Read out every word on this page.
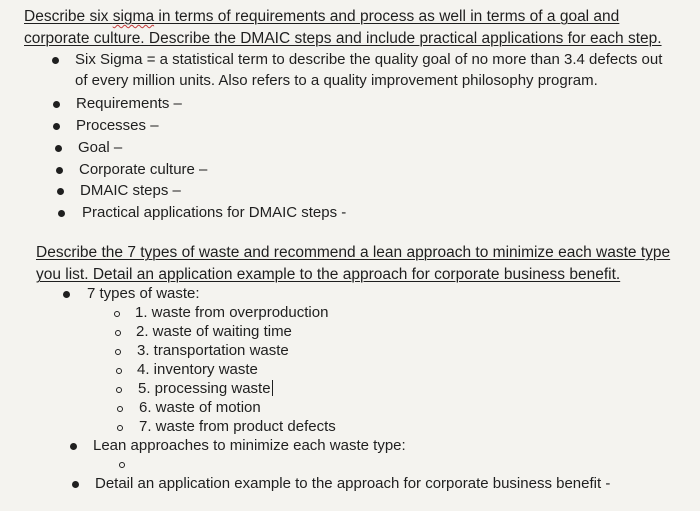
Describe six sigma in terms of requirements and process as well in terms of a goal and
corporate culture. Describe the DMAIC steps and include practical applications for each step.
Six Sigma = a statistical term to describe the quality goal of no more than 3.4 defects out
of every million units. Also refers to a quality improvement philosophy program.
Requirements –
Processes –
Goal –
Corporate culture –
DMAIC steps –
Practical applications for DMAIC steps -
Describe the 7 types of waste and recommend a lean approach to minimize each waste type
you list. Detail an application example to the approach for corporate business benefit.
7 types of waste:
1. waste from overproduction
2. waste of waiting time
3. transportation waste
4. inventory waste
5. processing waste
6. waste of motion
7. waste from product defects
Lean approaches to minimize each waste type:
Detail an application example to the approach for corporate business benefit -
